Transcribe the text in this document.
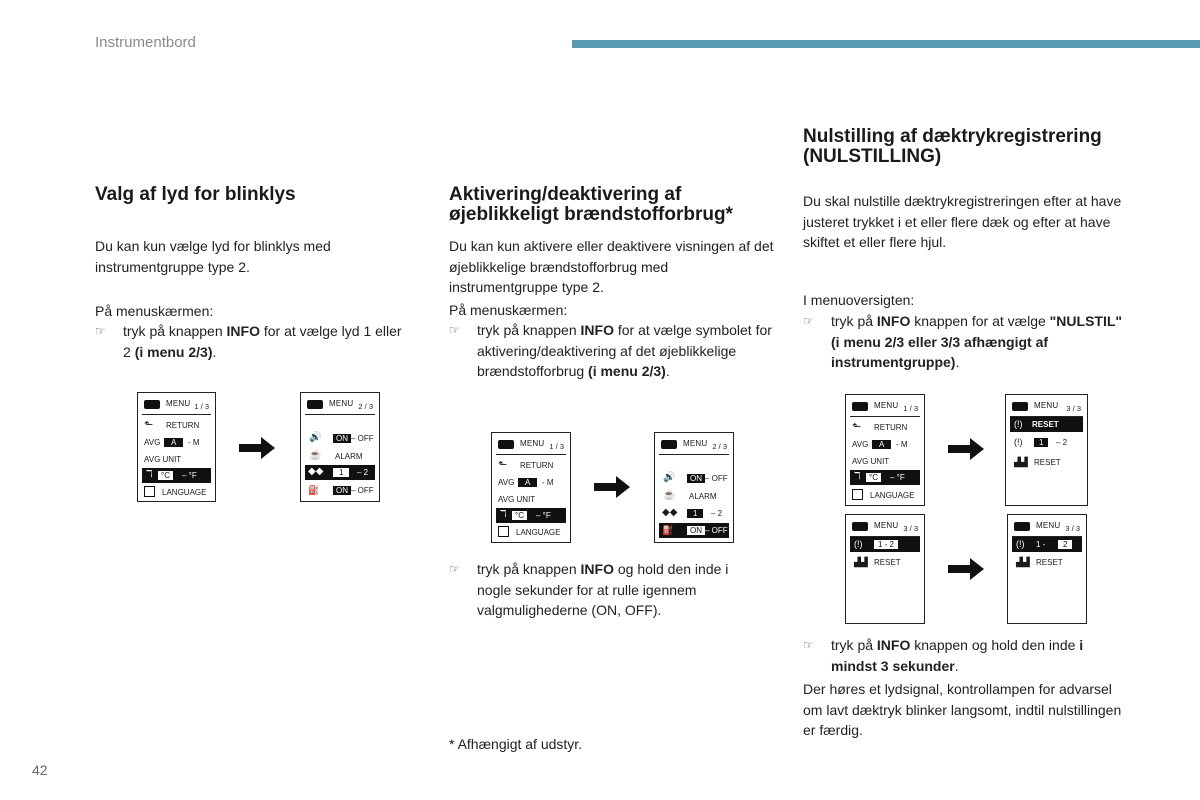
Instrumentbord
Valg af lyd for blinklys
Du kan kun vælge lyd for blinklys med instrumentgruppe type 2.
På menuskærmen:
☞ tryk på knappen INFO for at vælge lyd 1 eller 2 (i menu 2/3).
Aktivering/deaktivering af øjeblikkeligt brændstofforbrug*
Du kan kun aktivere eller deaktivere visningen af det øjeblikkelige brændstofforbrug med instrumentgruppe type 2.
På menuskærmen:
☞ tryk på knappen INFO for at vælge symbolet for aktivering/deaktivering af det øjeblikkelige brændstofforbrug (i menu 2/3).
☞ tryk på knappen INFO og hold den inde i nogle sekunder for at rulle igennem valgmulighederne (ON, OFF).
Nulstilling af dæktrykregistrering (NULSTILLING)
Du skal nulstille dæktrykregistreringen efter at have justeret trykket i et eller flere dæk og efter at have skiftet et eller flere hjul.
I menuoversigten:
☞ tryk på INFO knappen for at vælge "NULSTIL" (i menu 2/3 eller 3/3 afhængigt af instrumentgruppe).
☞ tryk på INFO knappen og hold den inde i mindst 3 sekunder.
Der høres et lydsignal, kontrollampen for advarsel om lavt dæktryk blinker langsomt, indtil nulstillingen er færdig.
* Afhængigt af udstyr.
42
MENU 1 / 3
⬑ RETURN
AVG	A	- M
AVG UNIT
ℸ	°C	– °F
LANGUAGE
MENU 2 / 3
🔊	ON – OFF
☕ ALARM
◆◆	1	– 2
⛽	ON – OFF
MENU 1 / 3
⬑ RETURN
AVG	A	- M
AVG UNIT
ℸ	°C	– °F
LANGUAGE
MENU 2 / 3
🔊	ON – OFF
☕ ALARM
◆◆	1	– 2
⛽	ON – OFF
MENU 1 / 3
⬑ RETURN
AVG	A	- M
AVG UNIT
ℸ	°C	– °F
LANGUAGE
MENU 3 / 3
(!) RESET
(!)	1	– 2
▟▟ RESET
MENU 3 / 3
(!)	1 - 2
▟▟ RESET
MENU 3 / 3
(!) 1 -	2
▟▟ RESET
